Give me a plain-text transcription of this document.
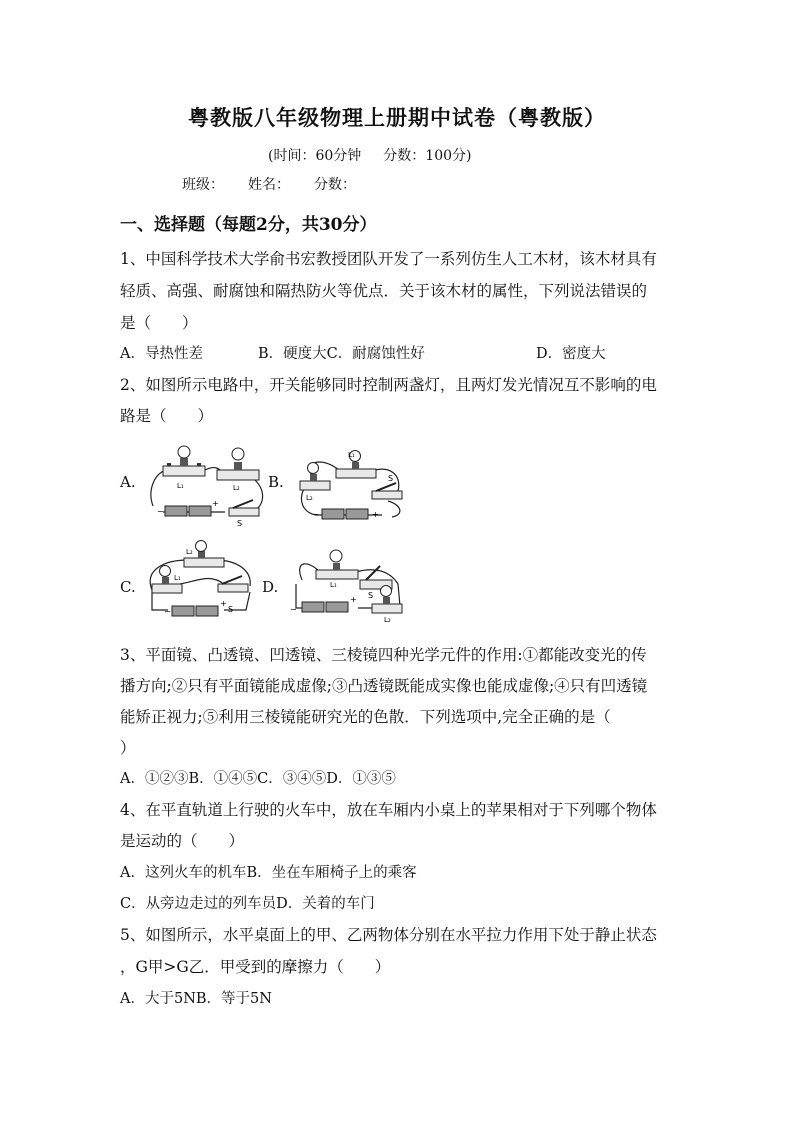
粤教版八年级物理上册期中试卷（粤教版）
(时间：60分钟 分数：100分)
班级： 姓名： 分数：
一、选择题（每题2分，共30分）
1、中国科学技术大学俞书宏教授团队开发了一系列仿生人工木材，该木材具有
轻质、高强、耐腐蚀和隔热防火等优点．关于该木材的属性，下列说法错误的
是（　　）
A．导热性差	B．硬度大C．耐腐蚀性好	D．密度大
2、如图所示电路中，开关能够同时控制两盏灯，且两灯发光情况互不影响的电
路是（　　）
A.	B.
C.	D.
L₁	L₂
S
+
−
L₁
L₂
S
+
−
L₁
L₂
S
+
−
L₁
L₂
S
+
−
3、平面镜、凸透镜、凹透镜、三棱镜四种光学元件的作用:①都能改变光的传
播方向;②只有平面镜能成虚像;③凸透镜既能成实像也能成虚像;④只有凹透镜
能矫正视力;⑤利用三棱镜能研究光的色散．下列选项中,完全正确的是（
）
A．①②③B．①④⑤C．③④⑤D．①③⑤
4、在平直轨道上行驶的火车中，放在车厢内小桌上的苹果相对于下列哪个物体
是运动的（　　）
A．这列火车的机车B．坐在车厢椅子上的乘客
C．从旁边走过的列车员D．关着的车门
5、如图所示，水平桌面上的甲、乙两物体分别在水平拉力作用下处于静止状态
，G甲>G乙．甲受到的摩擦力（　　）
A．大于5NB．等于5N
